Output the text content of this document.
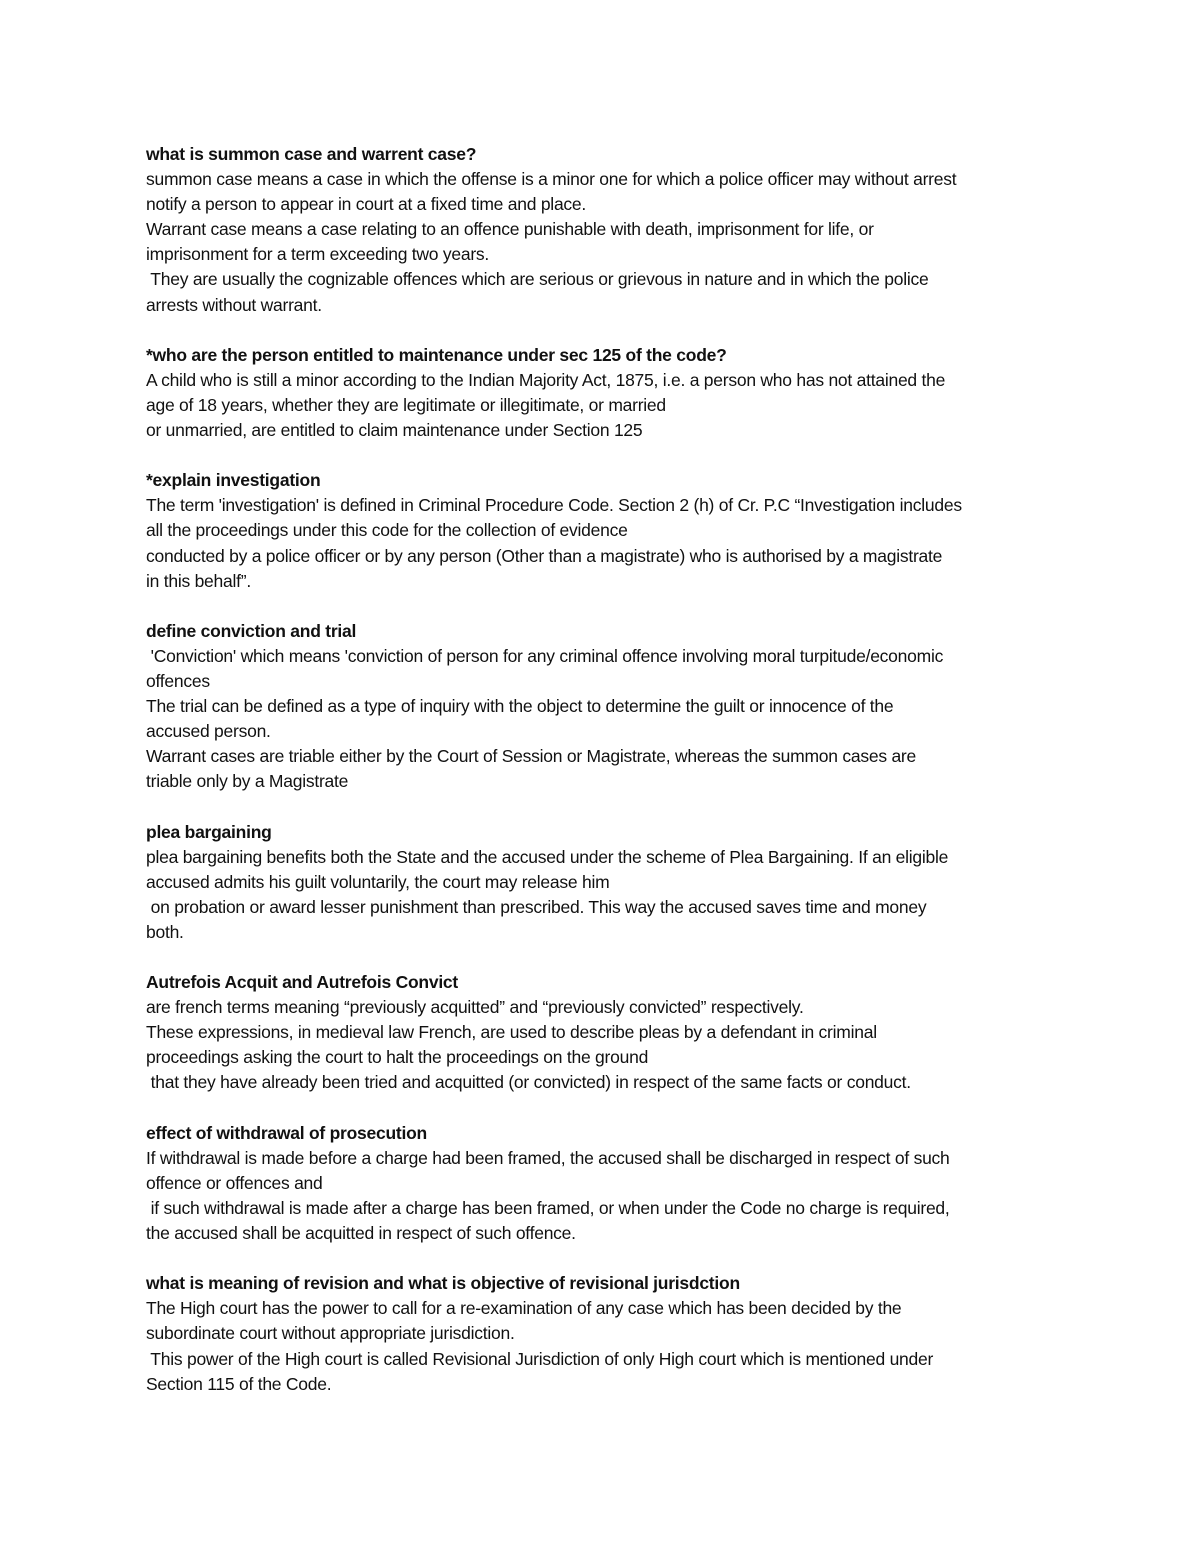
what is summon case and warrent case?
summon case means a case in which the offense is a minor one for which a police officer may without arrest
notify a person to appear in court at a fixed time and place.
Warrant case means a case relating to an offence punishable with death, imprisonment for life, or
imprisonment for a term exceeding two years.
They are usually the cognizable offences which are serious or grievous in nature and in which the police
arrests without warrant.
*who are the person entitled to maintenance under sec 125 of the code?
A child who is still a minor according to the Indian Majority Act, 1875, i.e. a person who has not attained the
age of 18 years, whether they are legitimate or illegitimate, or married
or unmarried, are entitled to claim maintenance under Section 125
*explain investigation
The term 'investigation' is defined in Criminal Procedure Code. Section 2 (h) of Cr. P.C “Investigation includes
all the proceedings under this code for the collection of evidence
conducted by a police officer or by any person (Other than a magistrate) who is authorised by a magistrate
in this behalf”.
define conviction and trial
'Conviction' which means 'conviction of person for any criminal offence involving moral turpitude/economic
offences
The trial can be defined as a type of inquiry with the object to determine the guilt or innocence of the
accused person.
Warrant cases are triable either by the Court of Session or Magistrate, whereas the summon cases are
triable only by a Magistrate
plea bargaining
plea bargaining benefits both the State and the accused under the scheme of Plea Bargaining. If an eligible
accused admits his guilt voluntarily, the court may release him
on probation or award lesser punishment than prescribed. This way the accused saves time and money
both.
Autrefois Acquit and Autrefois Convict
are french terms meaning “previously acquitted” and “previously convicted” respectively.
These expressions, in medieval law French, are used to describe pleas by a defendant in criminal
proceedings asking the court to halt the proceedings on the ground
that they have already been tried and acquitted (or convicted) in respect of the same facts or conduct.
effect of withdrawal of prosecution
If withdrawal is made before a charge had been framed, the accused shall be discharged in respect of such
offence or offences and
if such withdrawal is made after a charge has been framed, or when under the Code no charge is required,
the accused shall be acquitted in respect of such offence.
what is meaning of revision and what is objective of revisional jurisdction
The High court has the power to call for a re-examination of any case which has been decided by the
subordinate court without appropriate jurisdiction.
This power of the High court is called Revisional Jurisdiction of only High court which is mentioned under
Section 115 of the Code.
